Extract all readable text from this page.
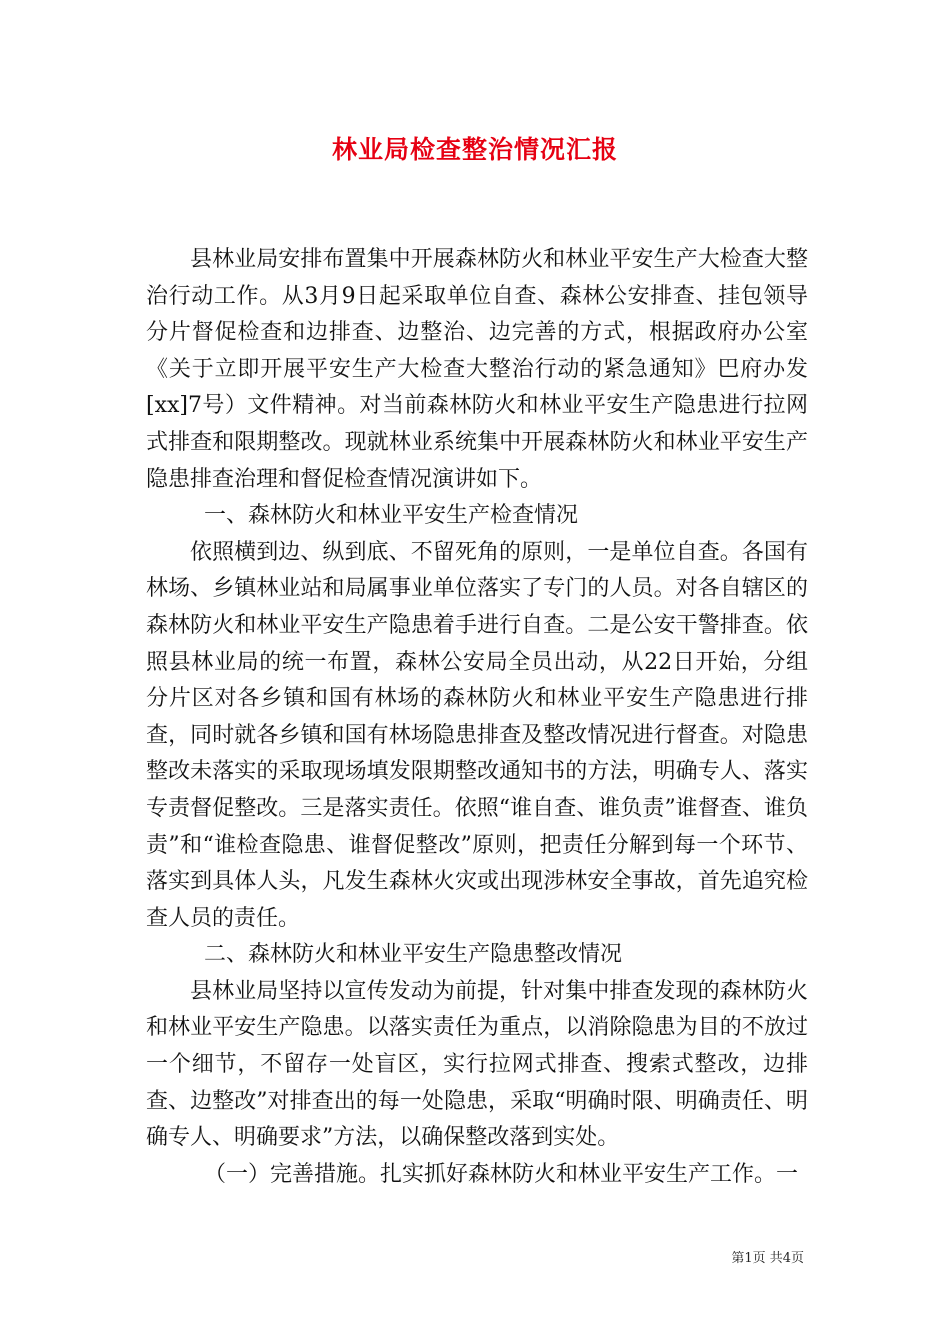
林业局检查整治情况汇报

县林业局安排布置集中开展森林防火和林业平安生产大检查大整治行动工作。从3月9日起采取单位自查、森林公安排查、挂包领导分片督促检查和边排查、边整治、边完善的方式，根据政府办公室《关于立即开展平安生产大检查大整治行动的紧急通知》巴府办发[xx]7号）文件精神。对当前森林防火和林业平安生产隐患进行拉网式排查和限期整改。现就林业系统集中开展森林防火和林业平安生产隐患排查治理和督促检查情况演讲如下。

一、森林防火和林业平安生产检查情况

依照横到边、纵到底、不留死角的原则，一是单位自查。各国有林场、乡镇林业站和局属事业单位落实了专门的人员。对各自辖区的森林防火和林业平安生产隐患着手进行自查。二是公安干警排查。依照县林业局的统一布置，森林公安局全员出动，从22日开始，分组分片区对各乡镇和国有林场的森林防火和林业平安生产隐患进行排查，同时就各乡镇和国有林场隐患排查及整改情况进行督查。对隐患整改未落实的采取现场填发限期整改通知书的方法，明确专人、落实专责督促整改。三是落实责任。依照“谁自查、谁负责”谁督查、谁负责”和“谁检查隐患、谁督促整改”原则，把责任分解到每一个环节、落实到具体人头，凡发生森林火灾或出现涉林安全事故，首先追究检查人员的责任。

二、森林防火和林业平安生产隐患整改情况

县林业局坚持以宣传发动为前提，针对集中排查发现的森林防火和林业平安生产隐患。以落实责任为重点，以消除隐患为目的不放过一个细节，不留存一处盲区，实行拉网式排查、搜索式整改，边排查、边整改”对排查出的每一处隐患，采取“明确时限、明确责任、明确专人、明确要求”方法，以确保整改落到实处。

（一）完善措施。扎实抓好森林防火和林业平安生产工作。一

第1页 共4页
